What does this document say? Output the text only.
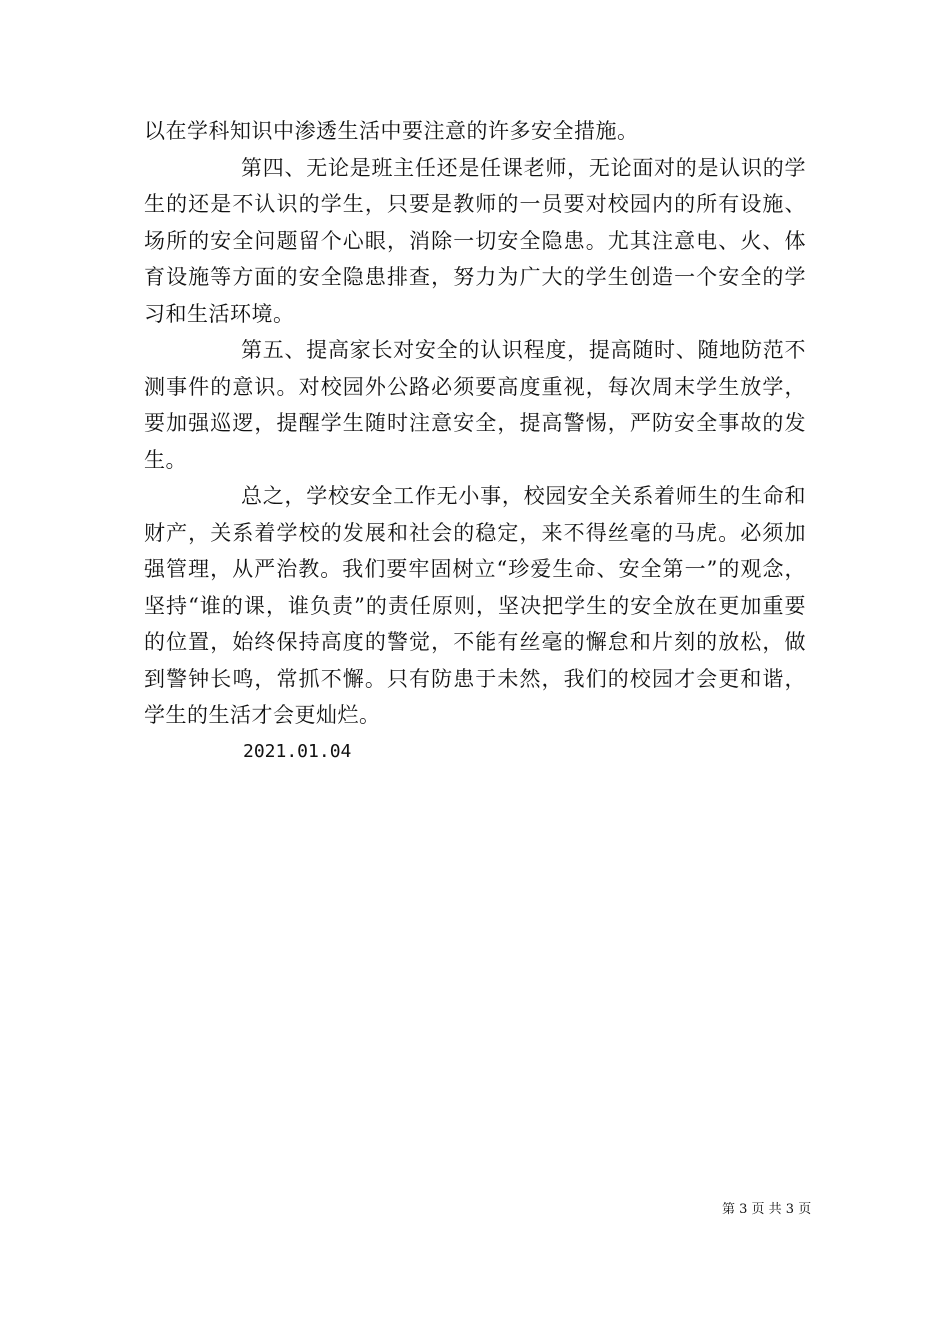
以在学科知识中渗透生活中要注意的许多安全措施。

第四、无论是班主任还是任课老师，无论面对的是认识的学生的还是不认识的学生，只要是教师的一员要对校园内的所有设施、场所的安全问题留个心眼，消除一切安全隐患。尤其注意电、火、体育设施等方面的安全隐患排查，努力为广大的学生创造一个安全的学习和生活环境。

第五、提高家长对安全的认识程度，提高随时、随地防范不测事件的意识。对校园外公路必须要高度重视，每次周末学生放学，要加强巡逻，提醒学生随时注意安全，提高警惕，严防安全事故的发生。

总之，学校安全工作无小事，校园安全关系着师生的生命和财产，关系着学校的发展和社会的稳定，来不得丝毫的马虎。必须加强管理，从严治教。我们要牢固树立“珍爱生命、安全第一”的观念，坚持“谁的课，谁负责”的责任原则，坚决把学生的安全放在更加重要的位置，始终保持高度的警觉，不能有丝毫的懈怠和片刻的放松，做到警钟长鸣，常抓不懈。只有防患于未然，我们的校园才会更和谐，学生的生活才会更灿烂。

2021.01.04

第 3 页 共 3 页
